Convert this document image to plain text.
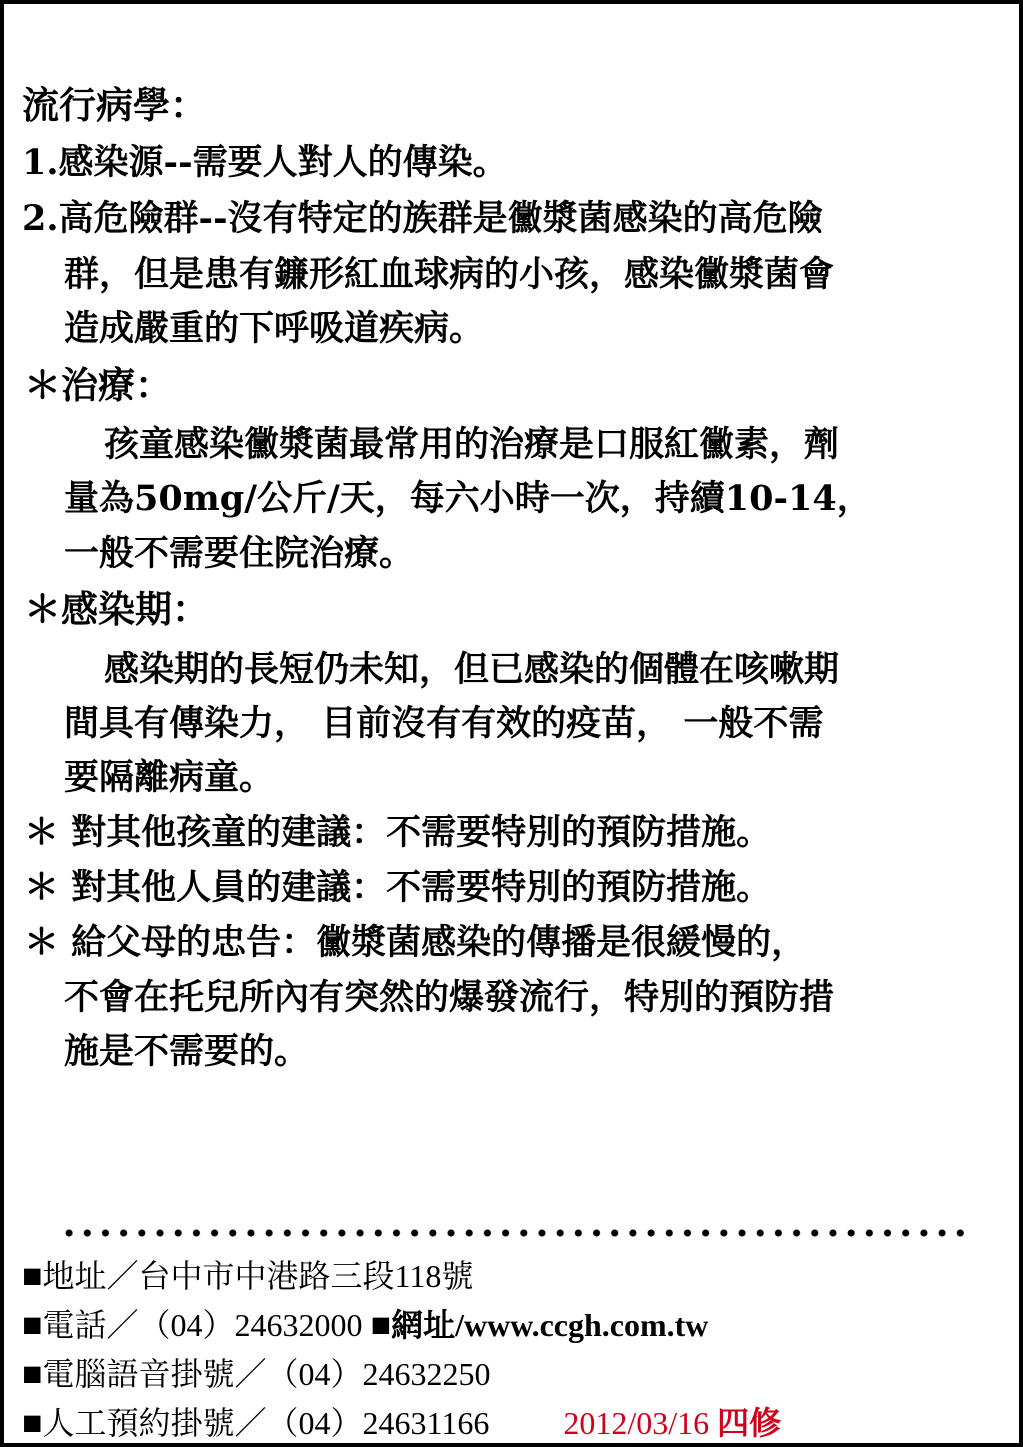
流行病學：
1.感染源--需要人對人的傳染。
2.高危險群--沒有特定的族群是黴漿菌感染的高危險
群，但是患有鐮形紅血球病的小孩，感染黴漿菌會
造成嚴重的下呼吸道疾病。
＊治療：
孩童感染黴漿菌最常用的治療是口服紅黴素，劑
量為50mg/公斤/天，每六小時一次，持續10-14，
一般不需要住院治療。
＊感染期：
感染期的長短仍未知，但已感染的個體在咳嗽期
間具有傳染力， 目前沒有有效的疫苗， 一般不需
要隔離病童。
＊ 對其他孩童的建議：不需要特別的預防措施。
＊ 對其他人員的建議：不需要特別的預防措施。
＊ 給父母的忠告：黴漿菌感染的傳播是很緩慢的，
不會在托兒所內有突然的爆發流行，特別的預防措
施是不需要的。
■地址／台中市中港路三段118號
■電話／（04）24632000 ■網址/www.ccgh.com.tw
■電腦語音掛號／（04）24632250
■人工預約掛號／（04）24631166 2012/03/16 四修
